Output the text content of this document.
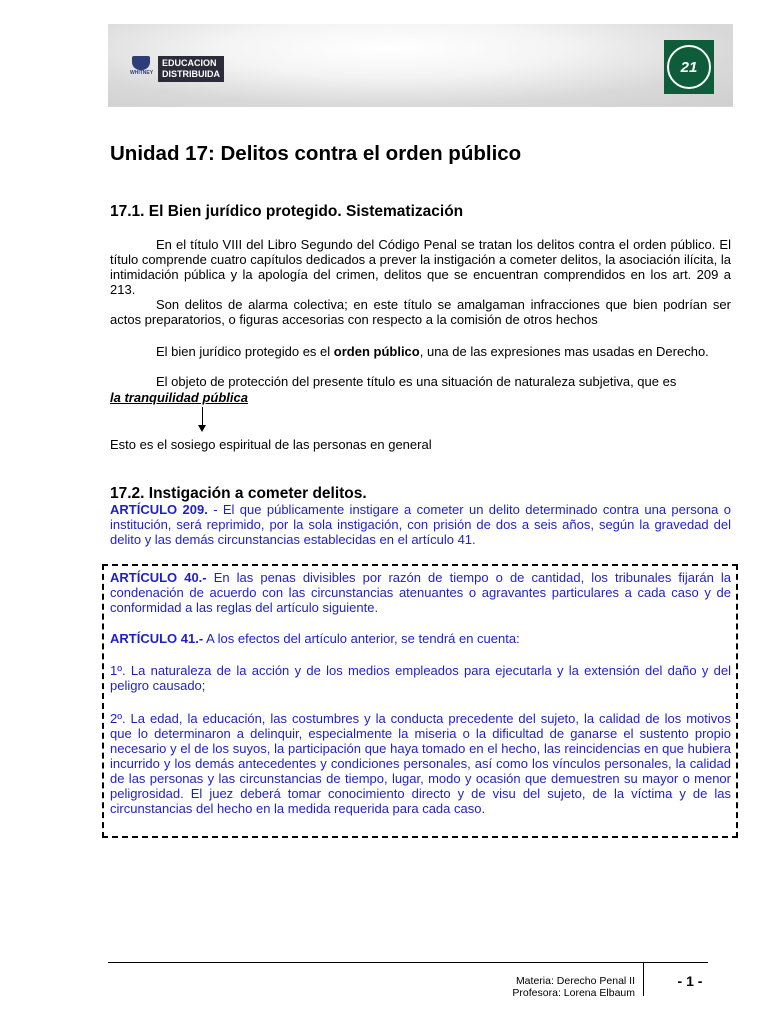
WHITNEY
EDUCACION
DISTRIBUIDA	21
Unidad 17: Delitos contra el orden público
17.1. El Bien jurídico protegido. Sistematización

En el título VIII del Libro Segundo del Código Penal se tratan los delitos contra el orden público. El título comprende cuatro capítulos dedicados a prever la instigación a cometer delitos, la asociación ilícita, la intimidación pública y la apología del crimen, delitos que se encuentran comprendidos en los art. 209 a 213.

Son delitos de alarma colectiva; en este título se amalgaman infracciones que bien podrían ser actos preparatorios, o figuras accesorias con respecto a la comisión de otros hechos

El bien jurídico protegido es el orden público, una de las expresiones mas usadas en Derecho.

El objeto de protección del presente título es una situación de naturaleza subjetiva, que es

la tranquilidad pública

Esto es el sosiego espiritual de las personas en general

17.2. Instigación a cometer delitos.

ARTÍCULO 209. - El que públicamente instigare a cometer un delito determinado contra una persona o institución, será reprimido, por la sola instigación, con prisión de dos a seis años, según la gravedad del delito y las demás circunstancias establecidas en el artículo 41.

ARTÍCULO 40.- En las penas divisibles por razón de tiempo o de cantidad, los tribunales fijarán la condenación de acuerdo con las circunstancias atenuantes o agravantes particulares a cada caso y de conformidad a las reglas del artículo siguiente.

ARTÍCULO 41.- A los efectos del artículo anterior, se tendrá en cuenta:

1º. La naturaleza de la acción y de los medios empleados para ejecutarla y la extensión del daño y del peligro causado;

2º. La edad, la educación, las costumbres y la conducta precedente del sujeto, la calidad de los motivos que lo determinaron a delinquir, especialmente la miseria o la dificultad de ganarse el sustento propio necesario y el de los suyos, la participación que haya tomado en el hecho, las reincidencias en que hubiera incurrido y los demás antecedentes y condiciones personales, así como los vínculos personales, la calidad de las personas y las circunstancias de tiempo, lugar, modo y ocasión que demuestren su mayor o menor peligrosidad. El juez deberá tomar conocimiento directo y de visu del sujeto, de la víctima y de las circunstancias del hecho en la medida requerida para cada caso.

Materia: Derecho Penal II
Profesora: Lorena Elbaum
- 1 -
